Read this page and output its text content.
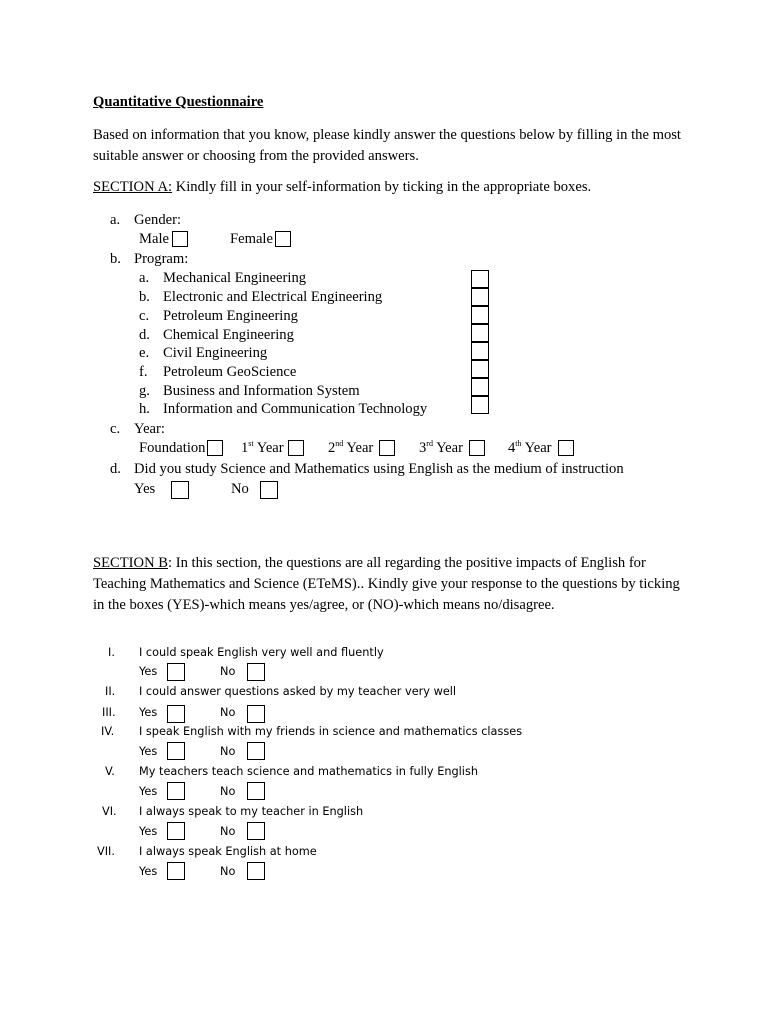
Quantitative Questionnaire
Based on information that you know, please kindly answer the questions below by filling in the most suitable answer or choosing from the provided answers.
SECTION A: Kindly fill in your self-information by ticking in the appropriate boxes.
a. Gender:
Male	Female
b. Program:
a. Mechanical Engineering
b. Electronic and Electrical Engineering
c. Petroleum Engineering
d. Chemical Engineering
e. Civil Engineering
f. Petroleum GeoScience
g. Business and Information System
h. Information and Communication Technology
c. Year:
Foundation 1st Year	2nd Year	3rd Year	4th Year
d. Did you study Science and Mathematics using English as the medium of instruction
Yes	No
SECTION B: In this section, the questions are all regarding the positive impacts of English for Teaching Mathematics and Science (ETeMS).. Kindly give your response to the questions by ticking in the boxes (YES)-which means yes/agree, or (NO)-which means no/disagree.
I. I could speak English very well and fluently
Yes	No
II. I could answer questions asked by my teacher very well
III. Yes	No
IV. I speak English with my friends in science and mathematics classes
Yes	No
V. My teachers teach science and mathematics in fully English
Yes	No
VI. I always speak to my teacher in English
Yes	No
VII. I always speak English at home
Yes	No
